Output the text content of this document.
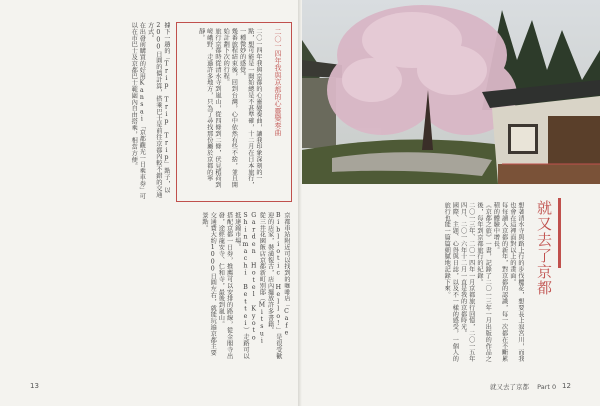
二〇一四年我與京都的心靈變奏曲

二〇一四年我與京都的心靈變奏曲，讓我印象深刻的一點，想可能是一開始總是不甚準確，十二月在日本旅行，一種微妙的感覺。

幾番旅程結束後，回到台灣，心中依然有些不捨，並且開始計劃下次的行程。

旅行京都時從清水寺到嵐山，從四條到二條，伏見稻荷到嵯峨野，走過許多地方，只為了尋找那份屬於京都的寧靜。

據下一趟的「Trip Trip Trip」點子，以2000日圓的價計算，搭乘巴士是前往京都內較不錯的交通方式。

在出發前購買的好用Kansai「京都觀光一日乘車券」可以在市巴士及京都巴士範圍內自由搭乘，相當方便。

京都車站附近可以找到的咖啡店「Cafe Bibliotic Hello!」是很受歡迎的店家，裝潢復古，店內擺放許多書籍。

從三井花園飯店京都新町別邸（Mitsui Garden Hotel Kyoto Shinmachi Bettei）走路可以抵達錦市場。

搭配京都一日券，推薦可以安排的路線，從金閣寺出發，途經龍安寺、仁和寺，最後到嵐山。

交通費大約1000日圓左右，就能玩遍京都主要景點。

13
就又去了京都

想著清水寺與路上行的步伐櫻花，想要長上寂宮川，而我也會在這裡面對以上的畫面。

每每讀入京都的新年，對京都的認識，每一次都在不斷累積的體驗中增長。

《京都之旅》一書，記錄了二〇一三年一月出版的作品之後，每年到京都旅行的紀錄。

二〇一三年、二〇一四年一月京都旅行回憶，二〇一五年四月、二〇一六年十二月一直是我的京都時光。

國際、主題、心得與日誌，以及不一樣的感受，一個人的旅行也能一篇篇細膩地記錄下來。

就又去了京都 Part 0 12
